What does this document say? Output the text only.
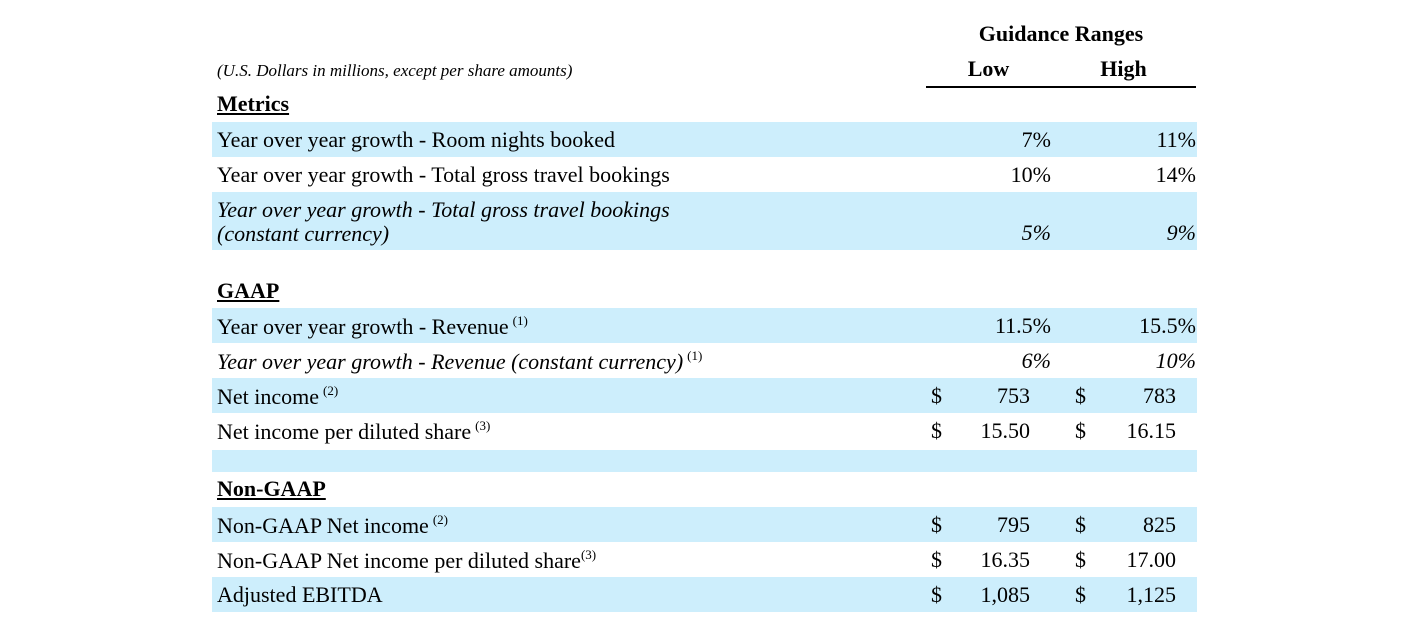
Guidance Ranges
(U.S. Dollars in millions, except per share amounts)	Low	High
Metrics
Year over year growth - Room nights booked	7%	11%
Year over year growth - Total gross travel bookings	10%	14%
Year over year growth - Total gross travel bookings
(constant currency)	5%	9%
GAAP
Year over year growth - Revenue $^{(1)}$	11.5%	15.5%
Year over year growth - Revenue (constant currency) $^{(1)}$	6%	10%
Net income $^{(2)}$	$	753 $	783
Net income per diluted share $^{(3)}$	$ 15.50 $ 16.15
Non-GAAP
Non-GAAP Net income $^{(2)}$	$	795 $	825
Non-GAAP Net income per diluted share$^{(3)}$	$ 16.35 $ 17.00
Adjusted EBITDA	$ 1,085 $ 1,125
